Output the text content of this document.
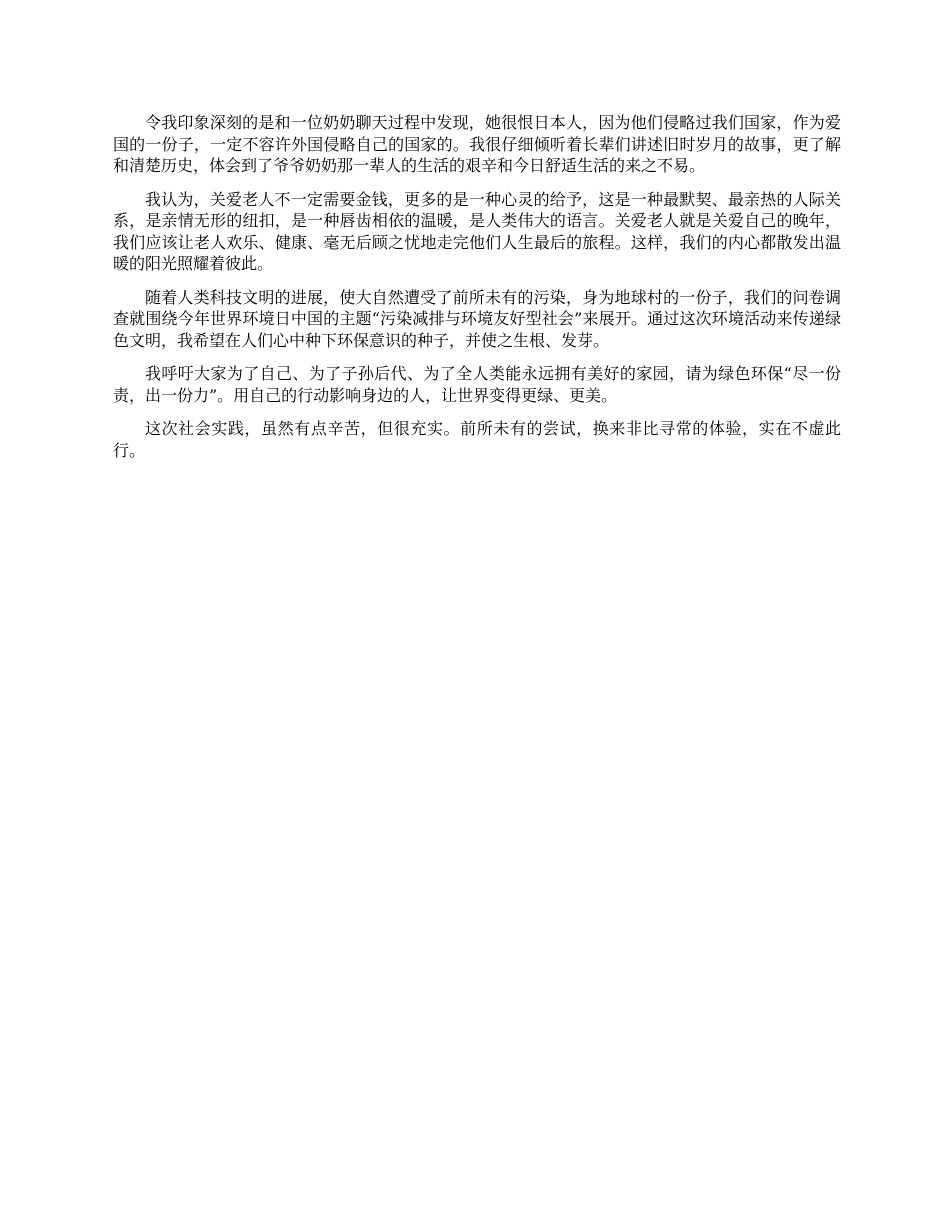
令我印象深刻的是和一位奶奶聊天过程中发现，她很恨日本人，因为他们侵略过我们国家，作为爱国的一份子，一定不容许外国侵略自己的国家的。我很仔细倾听着长辈们讲述旧时岁月的故事，更了解和清楚历史，体会到了爷爷奶奶那一辈人的生活的艰辛和今日舒适生活的来之不易。

我认为，关爱老人不一定需要金钱，更多的是一种心灵的给予，这是一种最默契、最亲热的人际关系，是亲情无形的纽扣，是一种唇齿相依的温暖，是人类伟大的语言。关爱老人就是关爱自己的晚年，我们应该让老人欢乐、健康、毫无后顾之忧地走完他们人生最后的旅程。这样，我们的内心都散发出温暖的阳光照耀着彼此。

随着人类科技文明的进展，使大自然遭受了前所未有的污染，身为地球村的一份子，我们的问卷调查就围绕今年世界环境日中国的主题“污染减排与环境友好型社会”来展开。通过这次环境活动来传递绿色文明，我希望在人们心中种下环保意识的种子，并使之生根、发芽。

我呼吁大家为了自己、为了子孙后代、为了全人类能永远拥有美好的家园，请为绿色环保“尽一份责，出一份力”。用自己的行动影响身边的人，让世界变得更绿、更美。

这次社会实践，虽然有点辛苦，但很充实。前所未有的尝试，换来非比寻常的体验，实在不虚此行。
